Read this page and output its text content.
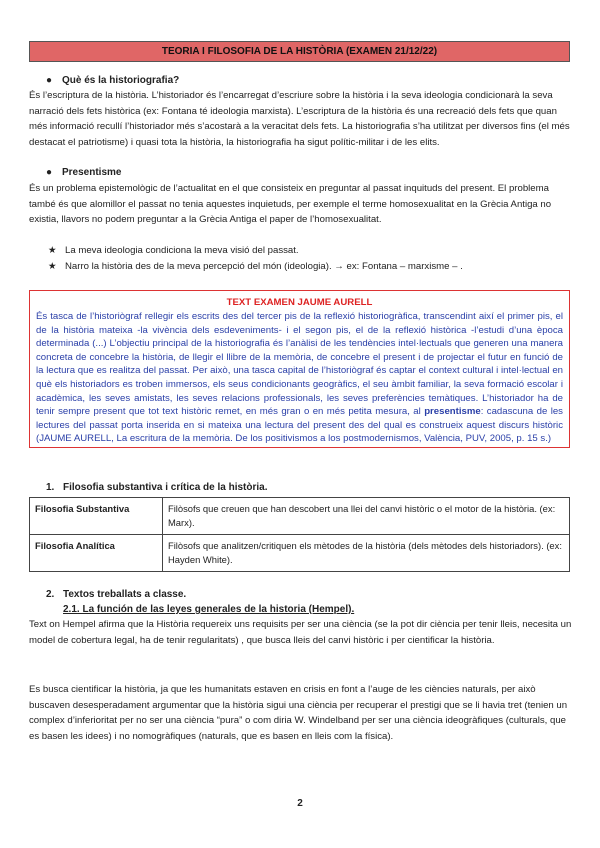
TEORIA I FILOSOFIA DE LA HISTÒRIA (EXAMEN 21/12/22)
● Què és la historiografia?
És l’escriptura de la història. L’historiador és l’encarregat d’escriure sobre la història i la seva ideologia condicionarà la seva narració dels fets històrica (ex: Fontana té ideologia marxista). L’escriptura de la història és una recreació dels fets que quan més informació recullí l’historiador més s’acostarà a la veracitat dels fets. La historiografia s’ha utilitzat per diversos fins (el més destacat el patriotisme) i quasi tota la història, la historiografia ha sigut polític-militar i de les elits.
● Presentisme
És un problema epistemològic de l’actualitat en el que consisteix en preguntar al passat inquituds del present. El problema també és que alomillor el passat no tenia aquestes inquietuds, per exemple el terme homosexualitat en la Grècia Antiga no existia, llavors no podem preguntar a la Grècia Antiga el paper de l’homosexualitat.
★ La meva ideologia condiciona la meva visió del passat.
★ Narro la història des de la meva percepció del món (ideologia). → ex: Fontana – marxisme – .
TEXT EXAMEN JAUME AURELL
És tasca de l’historiògraf rellegir els escrits des del tercer pis de la reflexió historiogràfica, transcendint així el primer pis, el de la història mateixa -la vivència dels esdeveniments- i el segon pis, el de la reflexió històrica -l’estudi d’una època determinada (...) L’objectiu principal de la historiografia és l’anàlisi de les tendències intel·lectuals que generen una manera concreta de concebre la història, de llegir el llibre de la memòria, de concebre el present i de projectar el futur en funció de la lectura que es realitza del passat. Per això, una tasca capital de l’historiògraf és captar el context cultural i intel·lectual en què els historiadors es troben immersos, els seus condicionants geogràfics, el seu àmbit familiar, la seva formació escolar i acadèmica, les seves amistats, les seves relacions professionals, les seves preferències temàtiques. L’historiador ha de tenir sempre present que tot text històric remet, en més gran o en més petita mesura, al presentisme: cadascuna de les lectures del passat porta inserida en si mateixa una lectura del present des del qual es construeix aquest discurs històric (JAUME AURELL, La escritura de la memòria. De los positivismos a los postmodernismos, València, PUV, 2005, p. 15 s.)
1. Filosofia substantiva i crítica de la història.
Filosofia Substantiva	Filòsofs que creuen que han descobert una llei del canvi històric o el motor de la història. (ex: Marx).
Filosofia Analítica	Filòsofs que analitzen/critiquen els mètodes de la història (dels mètodes dels historiadors). (ex: Hayden White).
2. Textos treballats a classe.
2.1. La función de las leyes generales de la historia (Hempel).
Text on Hempel afirma que la Història requereix uns requisits per ser una ciència (se la pot dir ciència per tenir lleis, necesita un model de cobertura legal, ha de tenir regularitats) , que busca lleis del canvi històric i per cientificar la història.
Es busca cientificar la història, ja que les humanitats estaven en crisis en font a l’auge de les ciències naturals, per això buscaven desesperadament argumentar que la història sigui una ciència per recuperar el prestigi que se li havia tret (tenien un complex d’inferioritat per no ser una ciència “pura” o com diria W. Windelband per ser una ciència ideogràfiques (culturals, que es basen les idees) i no nomogràfiques (naturals, que es basen en lleis com la física).
2
